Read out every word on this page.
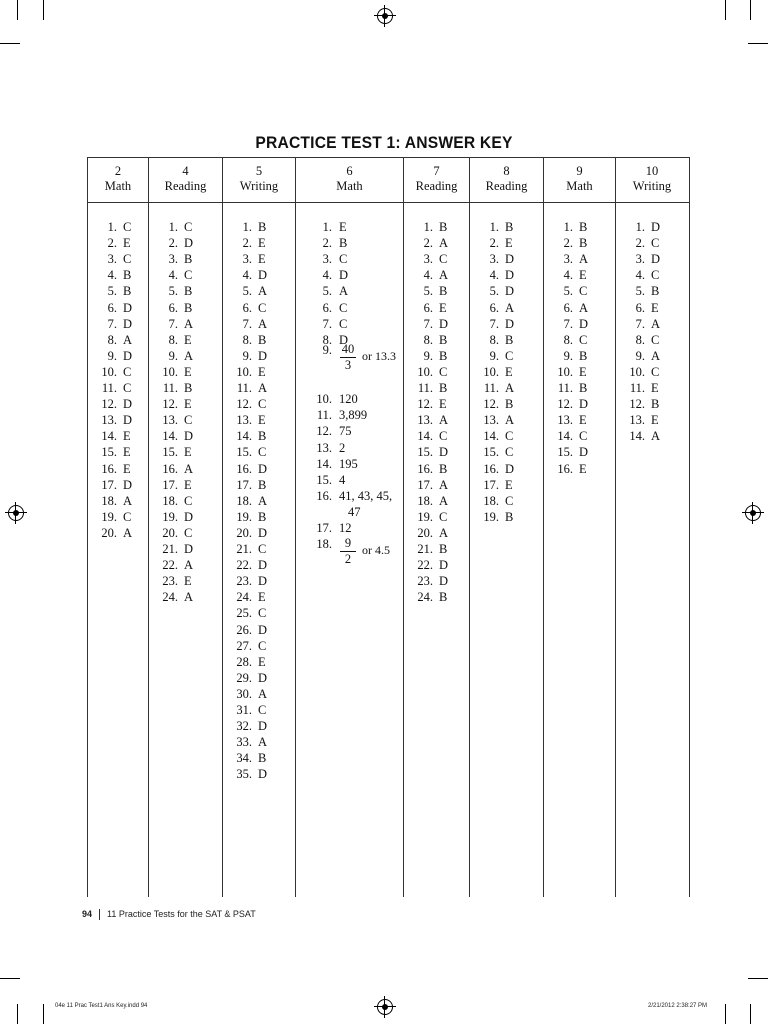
PRACTICE TEST 1: ANSWER KEY
2
Math
1. C
2. E
3. C
4. B
5. B
6. D
7. D
8. A
9. D
10. C
11. C
12. D
13. D
14. E
15. E
16. E
17. D
18. A
19. C
20. A
4
Reading
1. C
2. D
3. B
4. C
5. B
6. B
7. A
8. E
9. A
10. E
11. B
12. E
13. C
14. D
15. E
16. A
17. E
18. C
19. D
20. C
21. D
22. A
23. E
24. A
5
Writing
1. B
2. E
3. E
4. D
5. A
6. C
7. A
8. B
9. D
10. E
11. A
12. C
13. E
14. B
15. C
16. D
17. B
18. A
19. B
20. D
21. C
22. D
23. D
24. E
25. C
26. D
27. C
28. E
29. D
30. A
31. C
32. D
33. A
34. B
35. D
6
Math
1. E
2. B
3. C
4. D
5. A
6. C
7. C
8. D
40
3
or 13.3
9.
10. 120
11. 3,899
12. 75
13. 2
14. 195
15. 4
16. 41, 43, 45,
47
17. 12
9
2
or 4.5
18.
7
Reading
1. B
2. A
3. C
4. A
5. B
6. E
7. D
8. B
9. B
10. C
11. B
12. E
13. A
14. C
15. D
16. B
17. A
18. A
19. C
20. A
21. B
22. D
23. D
24. B
8
Reading
1. B
2. E
3. D
4. D
5. D
6. A
7. D
8. B
9. C
10. E
11. A
12. B
13. A
14. C
15. C
16. D
17. E
18. C
19. B
9
Math
1. B
2. B
3. A
4. E
5. C
6. A
7. D
8. C
9. B
10. E
11. B
12. D
13. E
14. C
15. D
16. E
10
Writing
1. D
2. C
3. D
4. C
5. B
6. E
7. A
8. C
9. A
10. C
11. E
12. B
13. E
14. A
94 11 Practice Tests for the SAT & PSAT
04e 11 Prac Test1 Ans Key.indd 94	2/21/2012 2:38:27 PM
